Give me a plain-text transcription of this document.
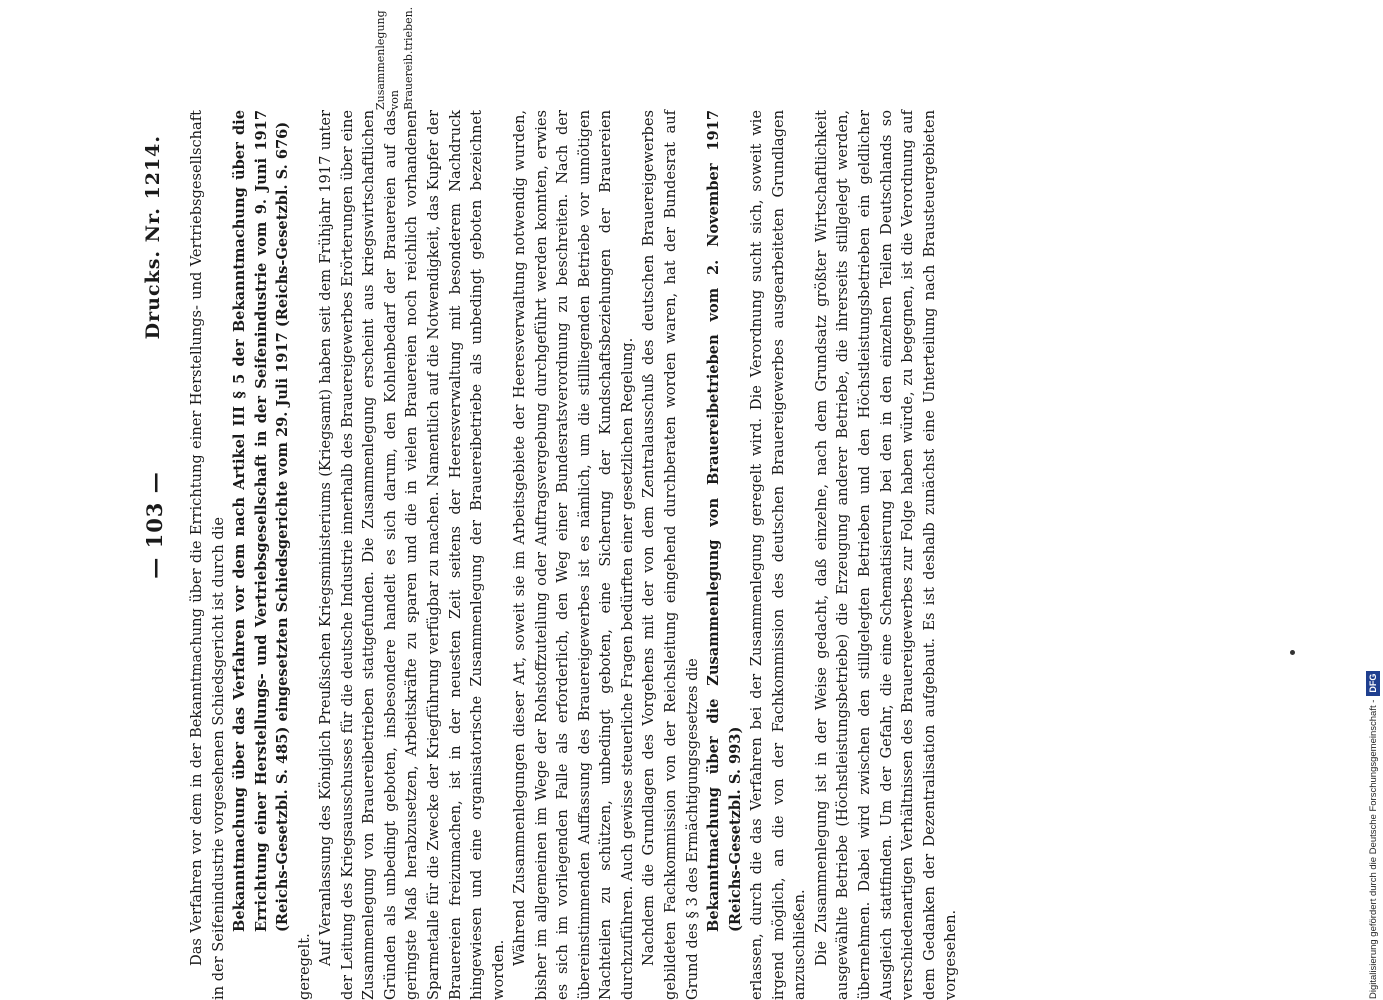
— 103 —
Drucks. Nr. 1214. Das Verfahren vor dem in der Bekanntmachung über die Errichtung einer Herstellungs- und Vertriebsgesellschaft in der Seifenindustrie vorgesehenen Schiedsgericht ist durch die Bekanntmachung über das Verfahren vor dem nach Artikel III § 5 der Bekanntmachung über die Errichtung einer Herstellungs- und Vertriebsgesellschaft in der Seifenindustrie vom 9. Juni 1917 (Reichs-Gesetzbl. S. 485) eingesetzten Schiedsgerichte vom 29. Juli 1917 (Reichs-Gesetzbl. S. 676)

geregelt.

Auf Veranlassung des Königlich Preußischen Kriegsministeriums (Kriegsamt) haben seit dem Frühjahr 1917 unter der Leitung des Kriegsausschusses für die deutsche Industrie innerhalb des Brauereigewerbes Erörterungen über eine Zusammenlegung von Brauereibetrieben stattgefunden. Die Zusammenlegung erscheint aus kriegswirtschaftlichen Gründen als unbedingt geboten, insbesondere handelt es sich darum, den Kohlenbedarf der Brauereien auf das geringste Maß herabzusetzen, Arbeitskräfte zu sparen und die in vielen Brauereien noch reichlich vorhandenen Sparmetalle für die Zwecke der Kriegführung verfügbar zu machen. Namentlich auf die Notwendigkeit, das Kupfer der Brauereien freizumachen, ist in der neuesten Zeit seitens der Heeresverwaltung mit besonderem Nachdruck hingewiesen und eine organisatorische Zusammenlegung der Brauereibetriebe als unbedingt geboten bezeichnet worden.

Während Zusammenlegungen dieser Art, soweit sie im Arbeitsgebiete der Heeresverwaltung notwendig wurden, bisher im allgemeinen im Wege der Rohstoffzuteilung oder Auftragsvergebung durchgeführt werden konnten, erwies es sich im vorliegenden Falle als erforderlich, den Weg einer Bundesratsverordnung zu beschreiten. Nach der übereinstimmenden Auffassung des Brauereigewerbes ist es nämlich, um die stillliegenden Betriebe vor unnötigen Nachteilen zu schützen, unbedingt geboten, eine Sicherung der Kundschaftsbeziehungen der Brauereien durchzuführen. Auch gewisse steuerliche Fragen bedürften einer gesetzlichen Regelung. Nachdem die Grundlagen des Vorgehens mit der von dem Zentralausschuß des deutschen Brauereigewerbes gebildeten Fachkommission von der Reichsleitung eingehend durchberaten worden waren, hat der Bundesrat auf Grund des § 3 des Ermächtigungsgesetzes die Bekanntmachung über die Zusammenlegung von Brauereibetrieben vom 2. November 1917 (Reichs-Gesetzbl. S. 993) erlassen, durch die das Verfahren bei der Zusammenlegung geregelt wird. Die Verordnung sucht sich, soweit wie irgend möglich, an die von der Fachkommission des deutschen Brauereigewerbes ausgearbeiteten Grundlagen anzuschließen. Die Zusammenlegung ist in der Weise gedacht, daß einzelne, nach dem Grundsatz größter Wirtschaftlichkeit ausgewählte Betriebe (Höchstleistungsbetriebe) die Erzeugung anderer Betriebe, die ihrerseits stillgelegt werden, übernehmen. Dabei wird zwischen den stillgelegten Betrieben und den Höchstleistungsbetrieben ein geldlicher Ausgleich stattfinden. Um der Gefahr, die eine Schematisierung bei den in den einzelnen Teilen Deutschlands so verschiedenartigen Verhältnissen des Brauereigewerbes zur Folge haben würde, zu begegnen, ist die Verordnung auf dem Gedanken der Dezentralisation aufgebaut. Es ist deshalb zunächst eine Unterteilung nach Brausteuergebieten vorgesehen.

Zusammenlegung von Brauereib.trieben.
Digitalisierung gefördert durch die Deutsche Forschungsgemeinschaft -DFG
